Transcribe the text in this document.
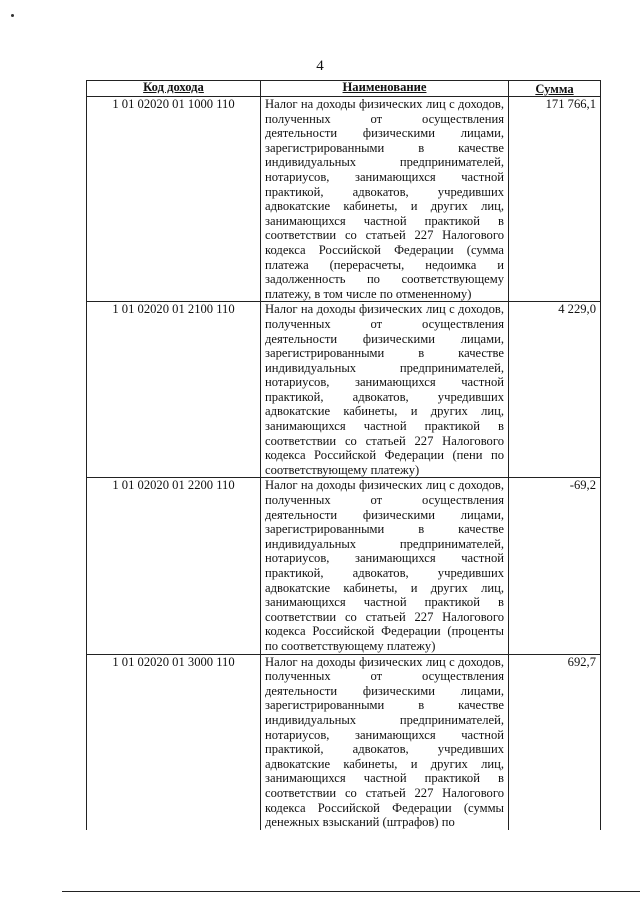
4
Код дохода	Наименование	Сумма
1 01 02020 01 1000 110	Налог на доходы физических лиц с доходов, полученных от осуществления деятельности физическими лицами, зарегистрированными в качестве индивидуальных предпринимателей, нотариусов, занимающихся частной практикой, адвокатов, учредивших адвокатские кабинеты, и других лиц, занимающихся частной практикой в соответствии со статьей 227 Налогового кодекса Российской Федерации (сумма платежа (перерасчеты, недоимка и задолженность по соответствующему платежу, в том числе по отмененному)	171 766,1
1 01 02020 01 2100 110	Налог на доходы физических лиц с доходов, полученных от осуществления деятельности физическими лицами, зарегистрированными в качестве индивидуальных предпринимателей, нотариусов, занимающихся частной практикой, адвокатов, учредивших адвокатские кабинеты, и других лиц, занимающихся частной практикой в соответствии со статьей 227 Налогового кодекса Российской Федерации (пени по соответствующему платежу)	4 229,0
1 01 02020 01 2200 110	Налог на доходы физических лиц с доходов, полученных от осуществления деятельности физическими лицами, зарегистрированными в качестве индивидуальных предпринимателей, нотариусов, занимающихся частной практикой, адвокатов, учредивших адвокатские кабинеты, и других лиц, занимающихся частной практикой в соответствии со статьей 227 Налогового кодекса Российской Федерации (проценты по соответствующему платежу)	-69,2
1 01 02020 01 3000 110	Налог на доходы физических лиц с доходов, полученных от осуществления деятельности физическими лицами, зарегистрированными в качестве индивидуальных предпринимателей, нотариусов, занимающихся частной практикой, адвокатов, учредивших адвокатские кабинеты, и других лиц, занимающихся частной практикой в соответствии со статьей 227 Налогового кодекса Российской Федерации (суммы денежных взысканий (штрафов) по	692,7
